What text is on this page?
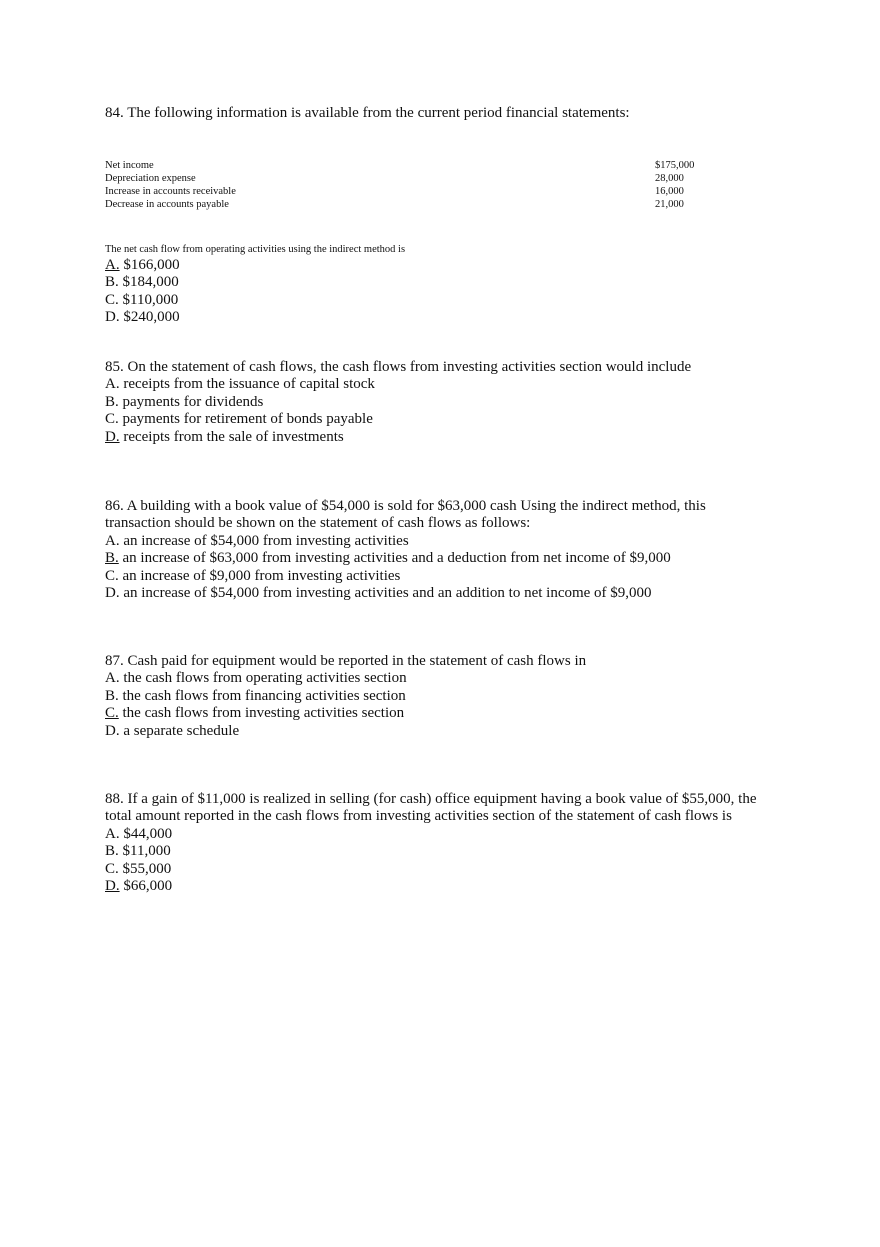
84. The following information is available from the current period financial statements:
Net income	$175,000
Depreciation expense	28,000
Increase in accounts receivable	16,000
Decrease in accounts payable	21,000
The net cash flow from operating activities using the indirect method is
A. $166,000
B. $184,000
C. $110,000
D. $240,000
85. On the statement of cash flows, the cash flows from investing activities section would include
A. receipts from the issuance of capital stock
B. payments for dividends
C. payments for retirement of bonds payable
D. receipts from the sale of investments
86. A building with a book value of $54,000 is sold for $63,000 cash Using the indirect method, this
transaction should be shown on the statement of cash flows as follows:
A. an increase of $54,000 from investing activities
B. an increase of $63,000 from investing activities and a deduction from net income of $9,000
C. an increase of $9,000 from investing activities
D. an increase of $54,000 from investing activities and an addition to net income of $9,000
87. Cash paid for equipment would be reported in the statement of cash flows in
A. the cash flows from operating activities section
B. the cash flows from financing activities section
C. the cash flows from investing activities section
D. a separate schedule
88. If a gain of $11,000 is realized in selling (for cash) office equipment having a book value of $55,000, the
total amount reported in the cash flows from investing activities section of the statement of cash flows is
A. $44,000
B. $11,000
C. $55,000
D. $66,000
